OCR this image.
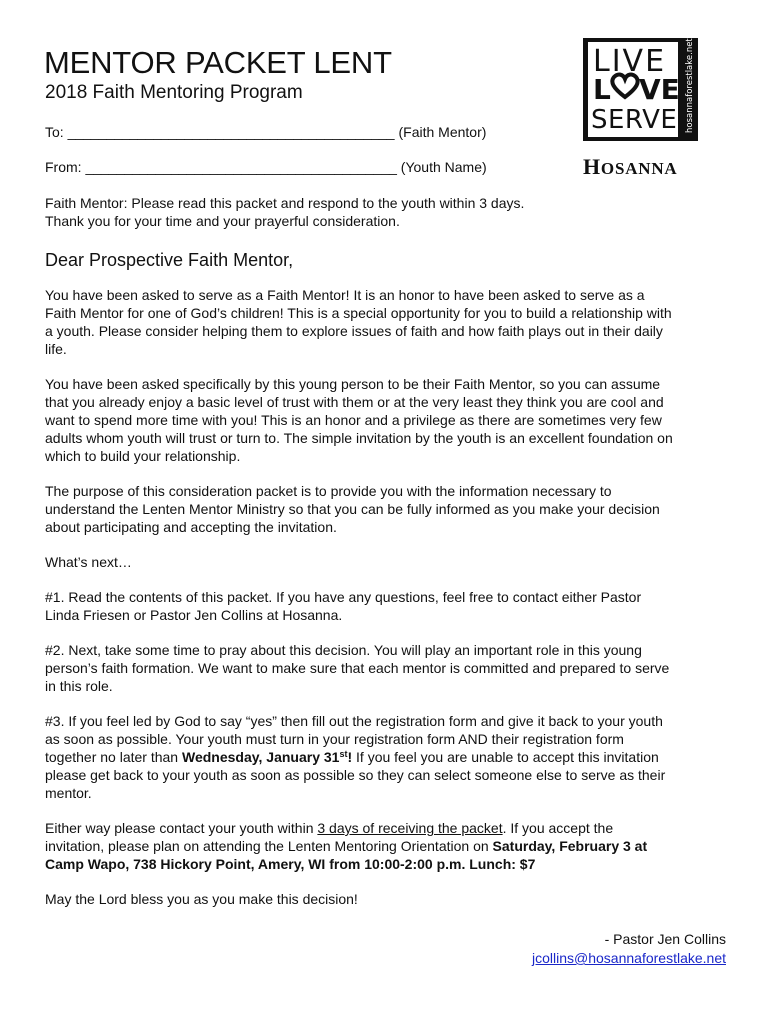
MENTOR PACKET LENT
2018 Faith Mentoring Program
To: __________________________________________ (Faith Mentor)
From: ________________________________________ (Youth Name)
Faith Mentor: Please read this packet and respond to the youth within 3 days.
Thank you for your time and your prayerful consideration.
LIVE
L VE
SERVE hosannaforestlake.net
HOSANNA
Dear Prospective Faith Mentor,

You have been asked to serve as a Faith Mentor! It is an honor to have been asked to serve as a
Faith Mentor for one of God’s children! This is a special opportunity for you to build a relationship with
a youth. Please consider helping them to explore issues of faith and how faith plays out in their daily
life.

You have been asked specifically by this young person to be their Faith Mentor, so you can assume
that you already enjoy a basic level of trust with them or at the very least they think you are cool and
want to spend more time with you! This is an honor and a privilege as there are sometimes very few
adults whom youth will trust or turn to. The simple invitation by the youth is an excellent foundation on
which to build your relationship.

The purpose of this consideration packet is to provide you with the information necessary to
understand the Lenten Mentor Ministry so that you can be fully informed as you make your decision
about participating and accepting the invitation.

What’s next…

#1. Read the contents of this packet. If you have any questions, feel free to contact either Pastor
Linda Friesen or Pastor Jen Collins at Hosanna.

#2. Next, take some time to pray about this decision. You will play an important role in this young
person’s faith formation. We want to make sure that each mentor is committed and prepared to serve
in this role.

#3. If you feel led by God to say “yes” then fill out the registration form and give it back to your youth
as soon as possible. Your youth must turn in your registration form AND their registration form
together no later than Wednesday, January 31st! If you feel you are unable to accept this invitation
please get back to your youth as soon as possible so they can select someone else to serve as their
mentor.

Either way please contact your youth within 3 days of receiving the packet. If you accept the
invitation, please plan on attending the Lenten Mentoring Orientation on Saturday, February 3 at
Camp Wapo, 738 Hickory Point, Amery, WI from 10:00-2:00 p.m. Lunch: $7

May the Lord bless you as you make this decision!

- Pastor Jen Collins
jcollins@hosannaforestlake.net
